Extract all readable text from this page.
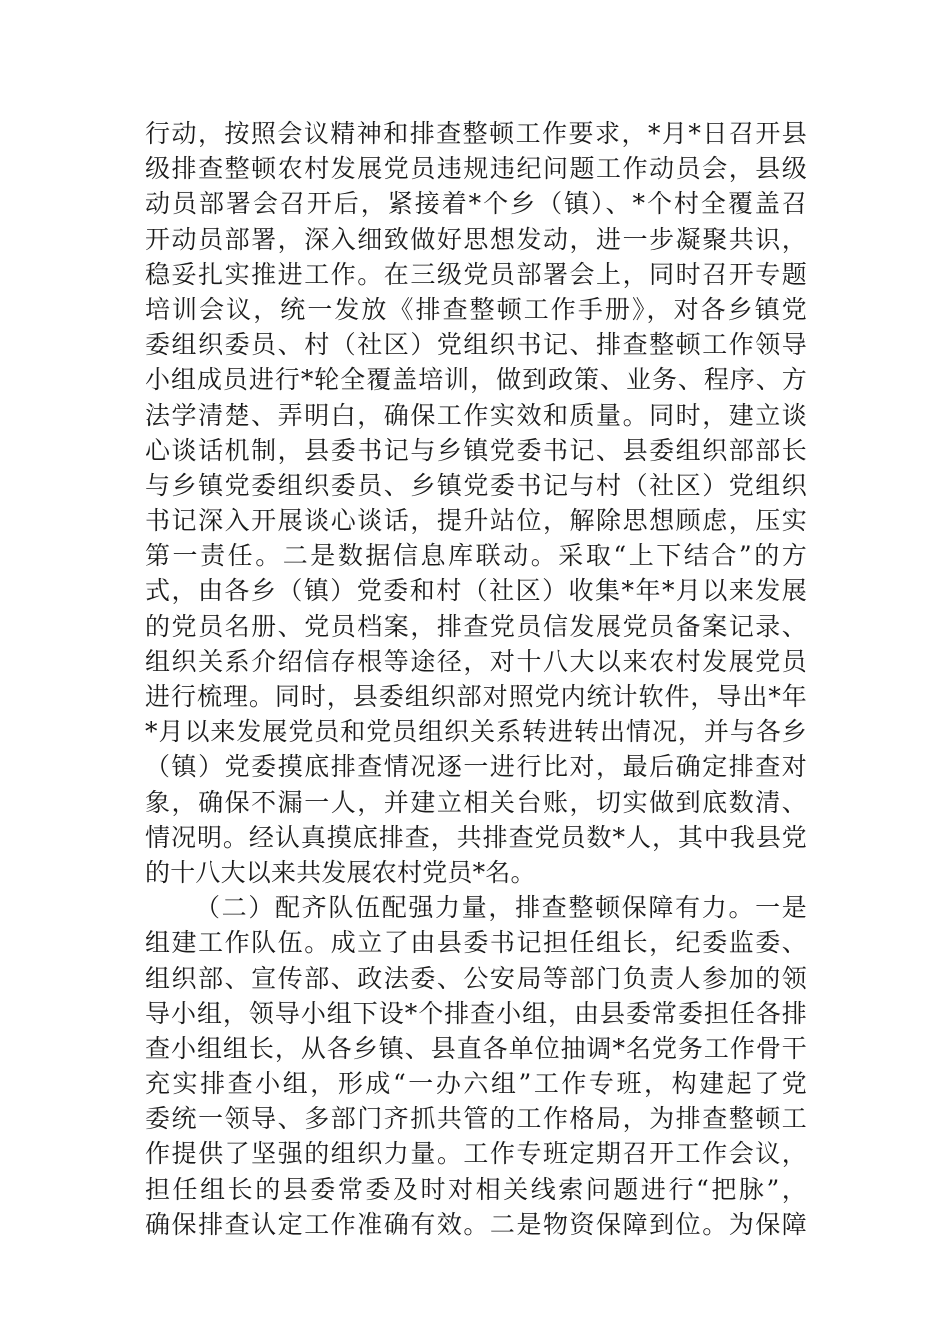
行动，按照会议精神和排查整顿工作要求，*月*日召开县
级排查整顿农村发展党员违规违纪问题工作动员会，县级
动员部署会召开后，紧接着*个乡（镇）、*个村全覆盖召
开动员部署，深入细致做好思想发动，进一步凝聚共识，
稳妥扎实推进工作。在三级党员部署会上，同时召开专题
培训会议，统一发放《排查整顿工作手册》，对各乡镇党
委组织委员、村（社区）党组织书记、排查整顿工作领导
小组成员进行*轮全覆盖培训，做到政策、业务、程序、方
法学清楚、弄明白，确保工作实效和质量。同时，建立谈
心谈话机制，县委书记与乡镇党委书记、县委组织部部长
与乡镇党委组织委员、乡镇党委书记与村（社区）党组织
书记深入开展谈心谈话，提升站位，解除思想顾虑，压实
第一责任。二是数据信息库联动。采取“上下结合”的方
式，由各乡（镇）党委和村（社区）收集*年*月以来发展
的党员名册、党员档案，排查党员信发展党员备案记录、
组织关系介绍信存根等途径，对十八大以来农村发展党员
进行梳理。同时，县委组织部对照党内统计软件，导出*年
*月以来发展党员和党员组织关系转进转出情况，并与各乡
（镇）党委摸底排查情况逐一进行比对，最后确定排查对
象，确保不漏一人，并建立相关台账，切实做到底数清、
情况明。经认真摸底排查，共排查党员数*人，其中我县党
的十八大以来共发展农村党员*名。
（二）配齐队伍配强力量，排查整顿保障有力。一是
组建工作队伍。成立了由县委书记担任组长，纪委监委、
组织部、宣传部、政法委、公安局等部门负责人参加的领
导小组，领导小组下设*个排查小组，由县委常委担任各排
查小组组长，从各乡镇、县直各单位抽调*名党务工作骨干
充实排查小组，形成“一办六组”工作专班，构建起了党
委统一领导、多部门齐抓共管的工作格局，为排查整顿工
作提供了坚强的组织力量。工作专班定期召开工作会议，
担任组长的县委常委及时对相关线索问题进行“把脉”，
确保排查认定工作准确有效。二是物资保障到位。为保障
